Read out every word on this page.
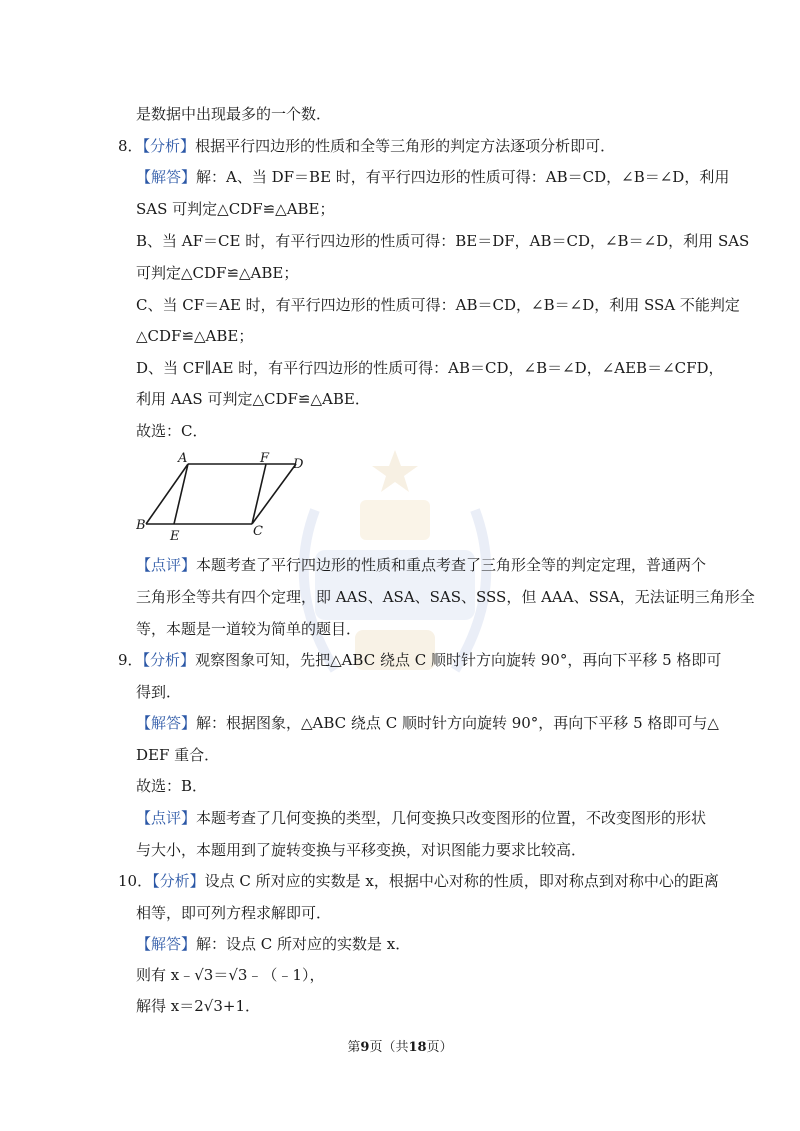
是数据中出现最多的一个数．
8．【分析】根据平行四边形的性质和全等三角形的判定方法逐项分析即可．
【解答】解：A、当 DF＝BE 时，有平行四边形的性质可得：AB＝CD，∠B＝∠D，利用
SAS 可判定△CDF≌△ABE；
B、当 AF＝CE 时，有平行四边形的性质可得：BE＝DF，AB＝CD，∠B＝∠D，利用 SAS
可判定△CDF≌△ABE；
C、当 CF＝AE 时，有平行四边形的性质可得：AB＝CD，∠B＝∠D，利用 SSA 不能判定
△CDF≌△ABE；
D、当 CF∥AE 时，有平行四边形的性质可得：AB＝CD，∠B＝∠D，∠AEB＝∠CFD，
利用 AAS 可判定△CDF≌△ABE．
故选：C．
A	F D
B
E	C
【点评】本题考查了平行四边形的性质和重点考查了三角形全等的判定定理，普通两个
三角形全等共有四个定理，即 AAS、ASA、SAS、SSS，但 AAA、SSA，无法证明三角形全
等，本题是一道较为简单的题目．
9．【分析】观察图象可知，先把△ABC 绕点 C 顺时针方向旋转 90°，再向下平移 5 格即可
得到．
【解答】解：根据图象，△ABC 绕点 C 顺时针方向旋转 90°，再向下平移 5 格即可与△
DEF 重合．
故选：B．
【点评】本题考查了几何变换的类型，几何变换只改变图形的位置，不改变图形的形状
与大小，本题用到了旋转变换与平移变换，对识图能力要求比较高．
10．【分析】设点 C 所对应的实数是 x，根据中心对称的性质，即对称点到对称中心的距离
相等，即可列方程求解即可．
【解答】解：设点 C 所对应的实数是 x．
则有 x﹣√3＝√3﹣（﹣1），
解得 x＝2√3+1．
第9页（共18页）
